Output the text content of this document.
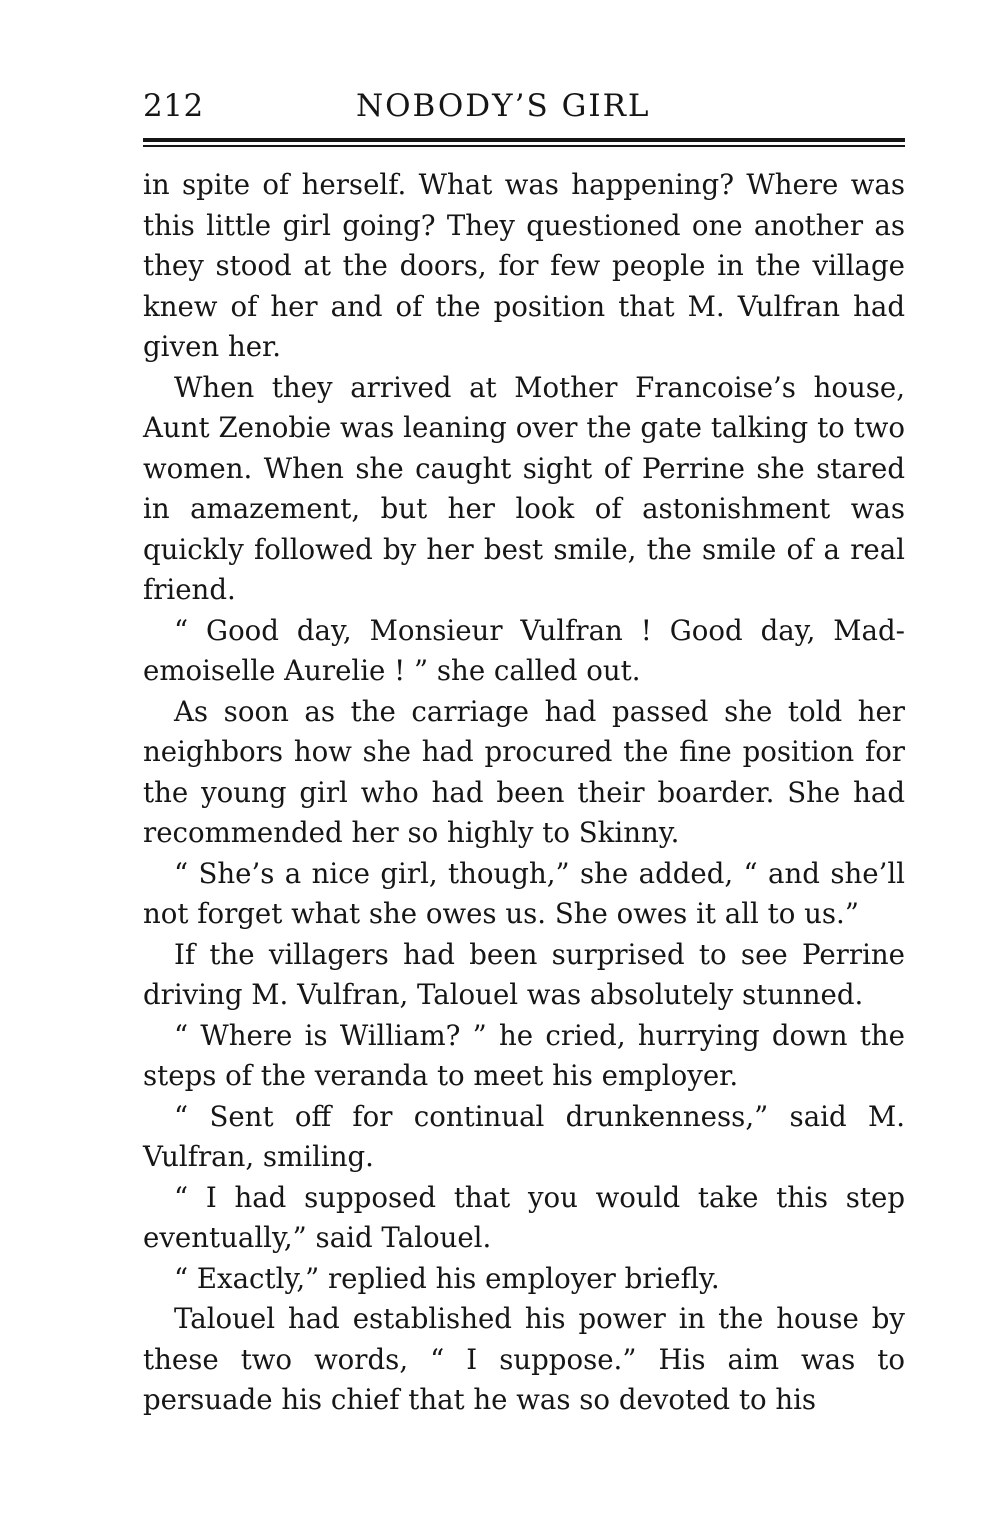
212	NOBODY’S GIRL

in spite of herself. What was happening? Where was this little girl going? They questioned one another as they stood at the doors, for few people in the village knew of her and of the position that M. Vulfran had given her.

When they arrived at Mother Francoise’s house, Aunt Zenobie was leaning over the gate talking to two women. When she caught sight of Perrine she stared in amazement, but her look of astonishment was quickly followed by her best smile, the smile of a real friend.

“ Good day, Monsieur Vulfran ! Good day, Mademoiselle Aurelie ! ” she called out.

As soon as the carriage had passed she told her neighbors how she had procured the fine position for the young girl who had been their boarder. She had recommended her so highly to Skinny.

“ She’s a nice girl, though,” she added, “ and she’ll not forget what she owes us. She owes it all to us.”

If the villagers had been surprised to see Perrine driving M. Vulfran, Talouel was absolutely stunned.

“ Where is William? ” he cried, hurrying down the steps of the veranda to meet his employer.

“ Sent off for continual drunkenness,” said M. Vulfran, smiling.

“ I had supposed that you would take this step eventually,” said Talouel.

“ Exactly,” replied his employer briefly.

Talouel had established his power in the house by these two words, “ I suppose.” His aim was to persuade his chief that he was so devoted to his
